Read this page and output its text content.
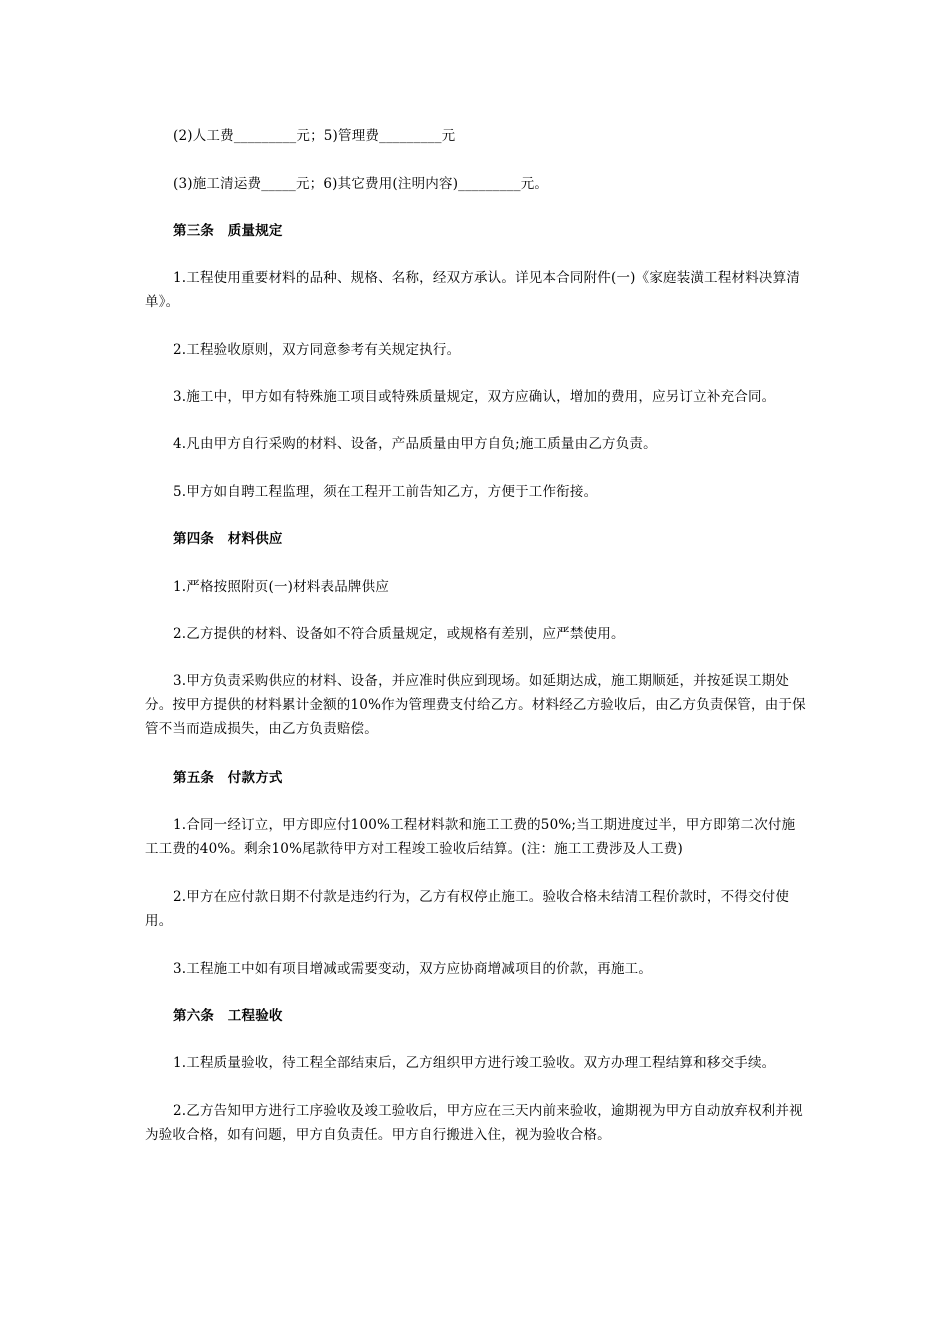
(2)人工费_________元；5)管理费_________元
(3)施工清运费_____元；6)其它费用(注明内容)_________元。
第三条　质量规定
1.工程使用重要材料的品种、规格、名称，经双方承认。详见本合同附件(一)《家庭装潢工程材料决算清单》。
2.工程验收原则，双方同意参考有关规定执行。
3.施工中，甲方如有特殊施工项目或特殊质量规定，双方应确认，增加的费用，应另订立补充合同。
4.凡由甲方自行采购的材料、设备，产品质量由甲方自负;施工质量由乙方负责。
5.甲方如自聘工程监理，须在工程开工前告知乙方，方便于工作衔接。
第四条　材料供应
1.严格按照附页(一)材料表品牌供应
2.乙方提供的材料、设备如不符合质量规定，或规格有差别，应严禁使用。
3.甲方负责采购供应的材料、设备，并应准时供应到现场。如延期达成，施工期顺延，并按延误工期处分。按甲方提供的材料累计金额的10%作为管理费支付给乙方。材料经乙方验收后，由乙方负责保管，由于保管不当而造成损失，由乙方负责赔偿。
第五条　付款方式
1.合同一经订立，甲方即应付100%工程材料款和施工工费的50%;当工期进度过半，甲方即第二次付施工工费的40%。剩余10%尾款待甲方对工程竣工验收后结算。(注：施工工费涉及人工费)
2.甲方在应付款日期不付款是违约行为，乙方有权停止施工。验收合格未结清工程价款时，不得交付使用。
3.工程施工中如有项目增减或需要变动，双方应协商增减项目的价款，再施工。
第六条　工程验收
1.工程质量验收，待工程全部结束后，乙方组织甲方进行竣工验收。双方办理工程结算和移交手续。
2.乙方告知甲方进行工序验收及竣工验收后，甲方应在三天内前来验收，逾期视为甲方自动放弃权利并视为验收合格，如有问题，甲方自负责任。甲方自行搬进入住，视为验收合格。
